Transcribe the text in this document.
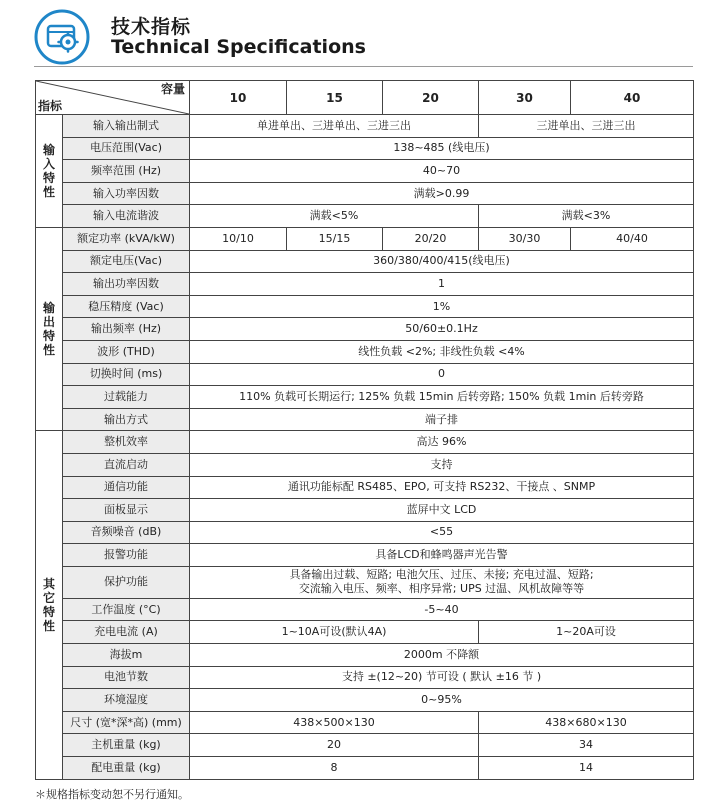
技术指标
Technical Specifications
容量
指标		10	15	20	30	40
输
入
特
性	输入输出制式	单进单出、三进单出、三进三出			三进单出、三进三出	
	电压范围(Vac)	138~485 (线电压)				
	频率范围 (Hz)	40~70				
	输入功率因数	满载>0.99				
	输入电流谐波	满载<5%			满载<3%	
输
出
特
性	额定功率 (kVA/kW)	10/10	15/15	20/20	30/30	40/40
	额定电压(Vac)	360/380/400/415(线电压)				
	输出功率因数	1				
	稳压精度 (Vac)	1%				
	输出频率 (Hz)	50/60±0.1Hz				
	波形 (THD)	线性负载 <2%; 非线性负载 <4%				
	切换时间 (ms)	0				
	过载能力	110% 负载可长期运行; 125% 负载 15min 后转旁路; 150% 负载 1min 后转旁路				
	输出方式	端子排				
其
它
特
性	整机效率	高达 96%				
	直流启动	支持				
	通信功能	通讯功能标配 RS485、EPO, 可支持 RS232、干接点 、SNMP				
	面板显示	蓝屏中文 LCD				
	音频噪音 (dB)	<55				
	报警功能	具备LCD和蜂鸣器声光告警				
	保护功能	具备输出过载、短路; 电池欠压、过压、未接; 充电过温、短路;
交流输入电压、频率、相序异常; UPS 过温、风机故障等等				

	工作温度 (°C)	-5~40				
	充电电流 (A)	1~10A可设(默认4A)			1~20A可设	
	海拔m	2000m 不降额				
	电池节数	支持 ±(12~20) 节可设 ( 默认 ±16 节 )				
	环境湿度	0~95%				
	尺寸 (宽*深*高) (mm)	438×500×130			438×680×130	
	主机重量 (kg)	20			34	
	配电重量 (kg)	8			14	
＊规格指标变动恕不另行通知。
